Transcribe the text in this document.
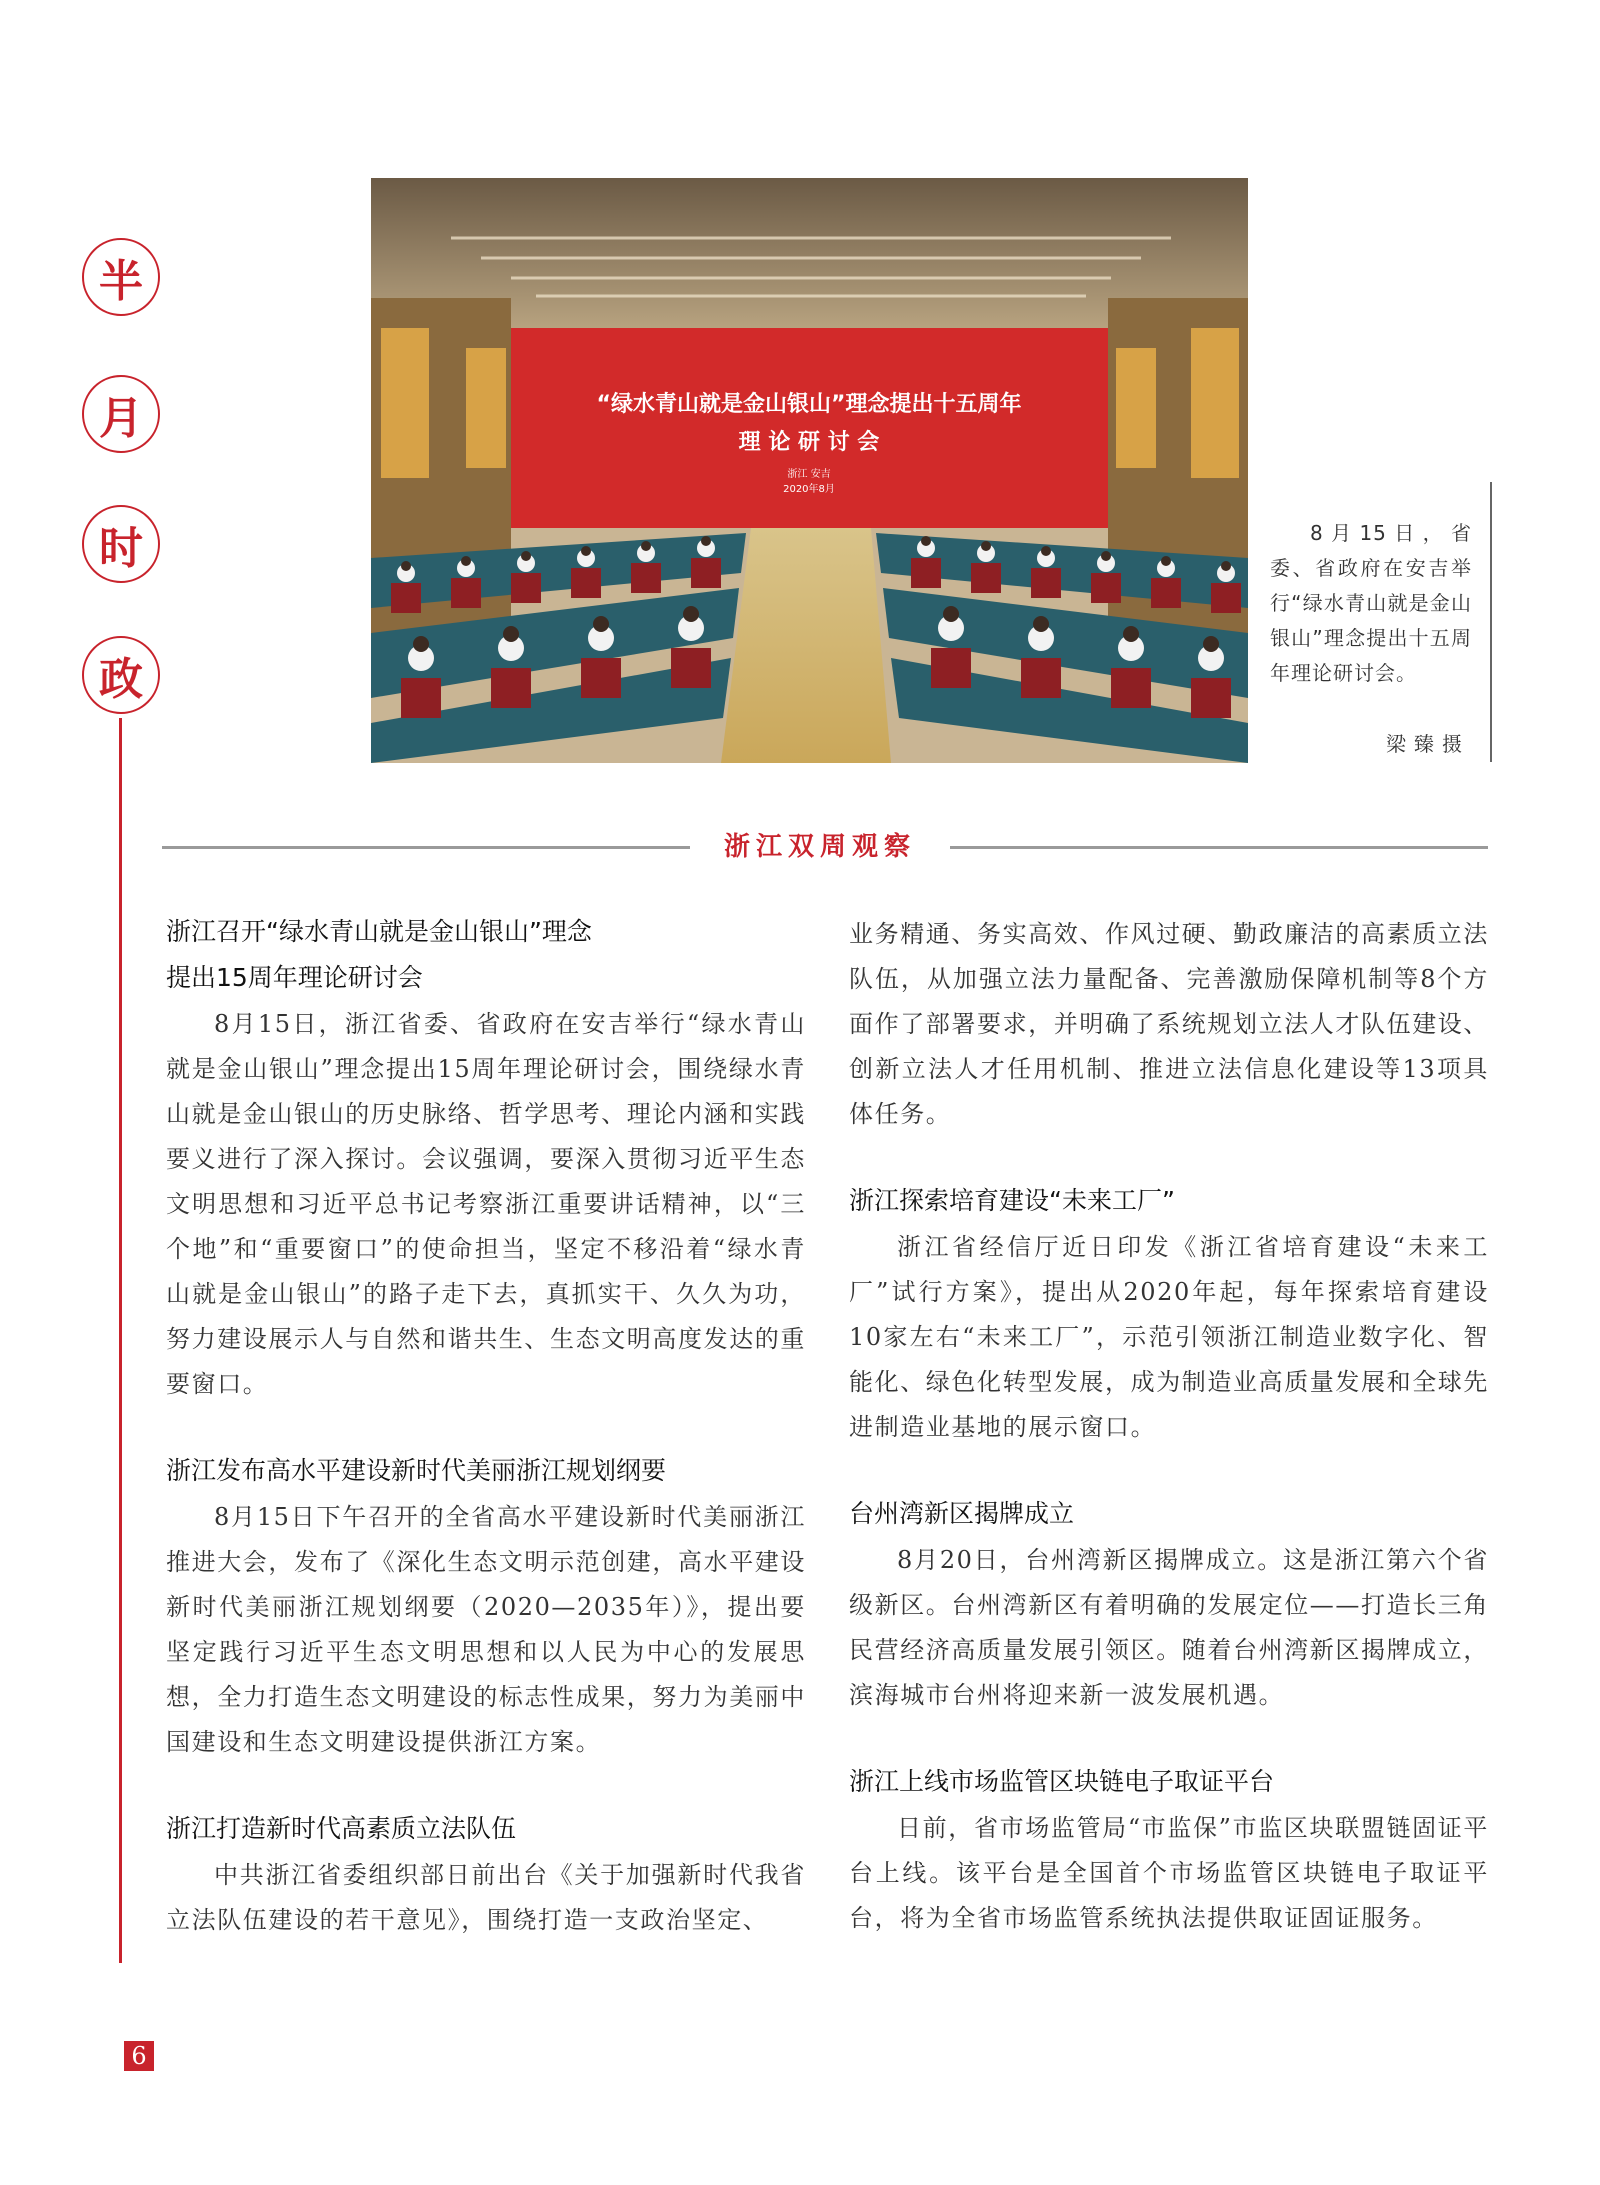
半
月
时
政
“绿水青山就是金山银山”理念提出十五周年
理 论 研 讨 会
浙江 安吉
2020年8月
8月15日，省委、省政府在安吉举行“绿水青山就是金山银山”理念提出十五周年理论研讨会。
梁臻摄
浙江双周观察
浙江召开“绿水青山就是金山银山”理念
提出15周年理论研讨会

8月15日，浙江省委、省政府在安吉举行“绿水青山就是金山银山”理念提出15周年理论研讨会，围绕绿水青山就是金山银山的历史脉络、哲学思考、理论内涵和实践要义进行了深入探讨。会议强调，要深入贯彻习近平生态文明思想和习近平总书记考察浙江重要讲话精神，以“三个地”和“重要窗口”的使命担当，坚定不移沿着“绿水青山就是金山银山”的路子走下去，真抓实干、久久为功，努力建设展示人与自然和谐共生、生态文明高度发达的重要窗口。

浙江发布高水平建设新时代美丽浙江规划纲要

8月15日下午召开的全省高水平建设新时代美丽浙江推进大会，发布了《深化生态文明示范创建，高水平建设新时代美丽浙江规划纲要（2020—2035年）》，提出要坚定践行习近平生态文明思想和以人民为中心的发展思想，全力打造生态文明建设的标志性成果，努力为美丽中国建设和生态文明建设提供浙江方案。

浙江打造新时代高素质立法队伍

中共浙江省委组织部日前出台《关于加强新时代我省立法队伍建设的若干意见》，围绕打造一支政治坚定、

业务精通、务实高效、作风过硬、勤政廉洁的高素质立法队伍，从加强立法力量配备、完善激励保障机制等8个方面作了部署要求，并明确了系统规划立法人才队伍建设、创新立法人才任用机制、推进立法信息化建设等13项具体任务。

浙江探索培育建设“未来工厂”

浙江省经信厅近日印发《浙江省培育建设“未来工厂”试行方案》，提出从2020年起，每年探索培育建设10家左右“未来工厂”，示范引领浙江制造业数字化、智能化、绿色化转型发展，成为制造业高质量发展和全球先进制造业基地的展示窗口。

台州湾新区揭牌成立

8月20日，台州湾新区揭牌成立。这是浙江第六个省级新区。台州湾新区有着明确的发展定位——打造长三角民营经济高质量发展引领区。随着台州湾新区揭牌成立，滨海城市台州将迎来新一波发展机遇。

浙江上线市场监管区块链电子取证平台

日前，省市场监管局“市监保”市监区块联盟链固证平台上线。该平台是全国首个市场监管区块链电子取证平台，将为全省市场监管系统执法提供取证固证服务。

6
